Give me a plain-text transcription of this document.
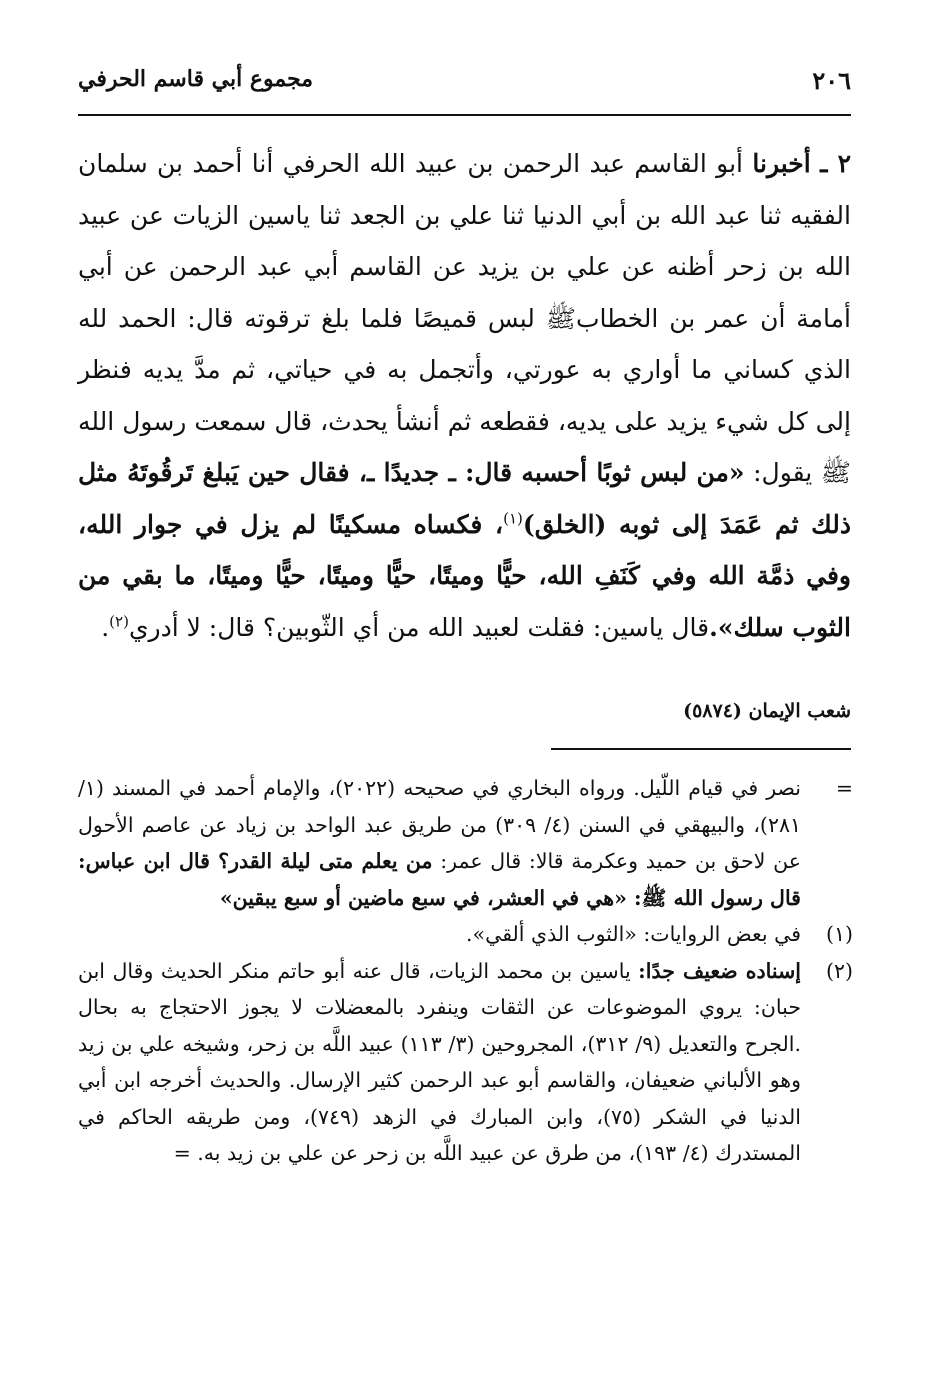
٢٠٦
مجموع أبي قاسم الحرفي
٢ ـ أخبرنا أبو القاسم عبد الرحمن بن عبيد الله الحرفي أنا أحمد بن سلمان الفقيه ثنا عبد الله بن أبي الدنيا ثنا علي بن الجعد ثنا ياسين الزيات عن عبيد الله بن زحر أظنه عن علي بن يزيد عن القاسم أبي عبد الرحمن عن أبي أمامة أن عمر بن الخطابﷺ لبس قميصًا فلما بلغ ترقوته قال: الحمد لله الذي كساني ما أواري به عورتي، وأتجمل به في حياتي، ثم مدَّ يديه فنظر إلى كل شيء يزيد على يديه، فقطعه ثم أنشأ يحدث، قال سمعت رسول الله ﷺ يقول: «من لبس ثوبًا أحسبه قال: ـ جديدًا ـ، فقال حين يَبلغ تَرقُوتَهُ مثل ذلك ثم عَمَدَ إلى ثوبه (الخلق)$^{(١)}$، فكساه مسكينًا لم يزل في جوار الله، وفي ذمَّة الله وفي كَنَفِ الله، حيًّا وميتًا، حيًّا وميتًا، حيًّا وميتًا، ما بقي من الثوب سلك».قال ياسين: فقلت لعبيد الله من أي الثّوبين؟ قال: لا أدري$^{(٢)}$.
شعب الإيمان (٥٨٧٤)
=
نصر في قيام اللّيل. ورواه البخاري في صحيحه (٢٠٢٢)، والإمام أحمد في المسند (١/ ٢٨١)، والبيهقي في السنن (٤/ ٣٠٩) من طريق عبد الواحد بن زياد عن عاصم الأحول عن لاحق بن حميد وعكرمة قالا: قال عمر: من يعلم متى ليلة القدر؟ قال ابن عباس: قال رسول الله ﷺ: «هي في العشر، في سبع ماضين أو سبع يبقين»
(١)
في بعض الروايات: «الثوب الذي ألقي».
(٢)
إسناده ضعيف جدًا: ياسين بن محمد الزيات، قال عنه أبو حاتم منكر الحديث وقال ابن حبان: يروي الموضوعات عن الثقات وينفرد بالمعضلات لا يجوز الاحتجاج به بحال .الجرح والتعديل (٩/ ٣١٢)، المجروحين (٣/ ١١٣) عبيد اللَّه بن زحر، وشيخه علي بن زيد وهو الألباني ضعيفان، والقاسم أبو عبد الرحمن كثير الإرسال. والحديث أخرجه ابن أبي الدنيا في الشكر (٧٥)، وابن المبارك في الزهد (٧٤٩)، ومن طريقه الحاكم في المستدرك (٤/ ١٩٣)، من طرق عن عبيد اللَّه بن زحر عن علي بن زيد به. =
